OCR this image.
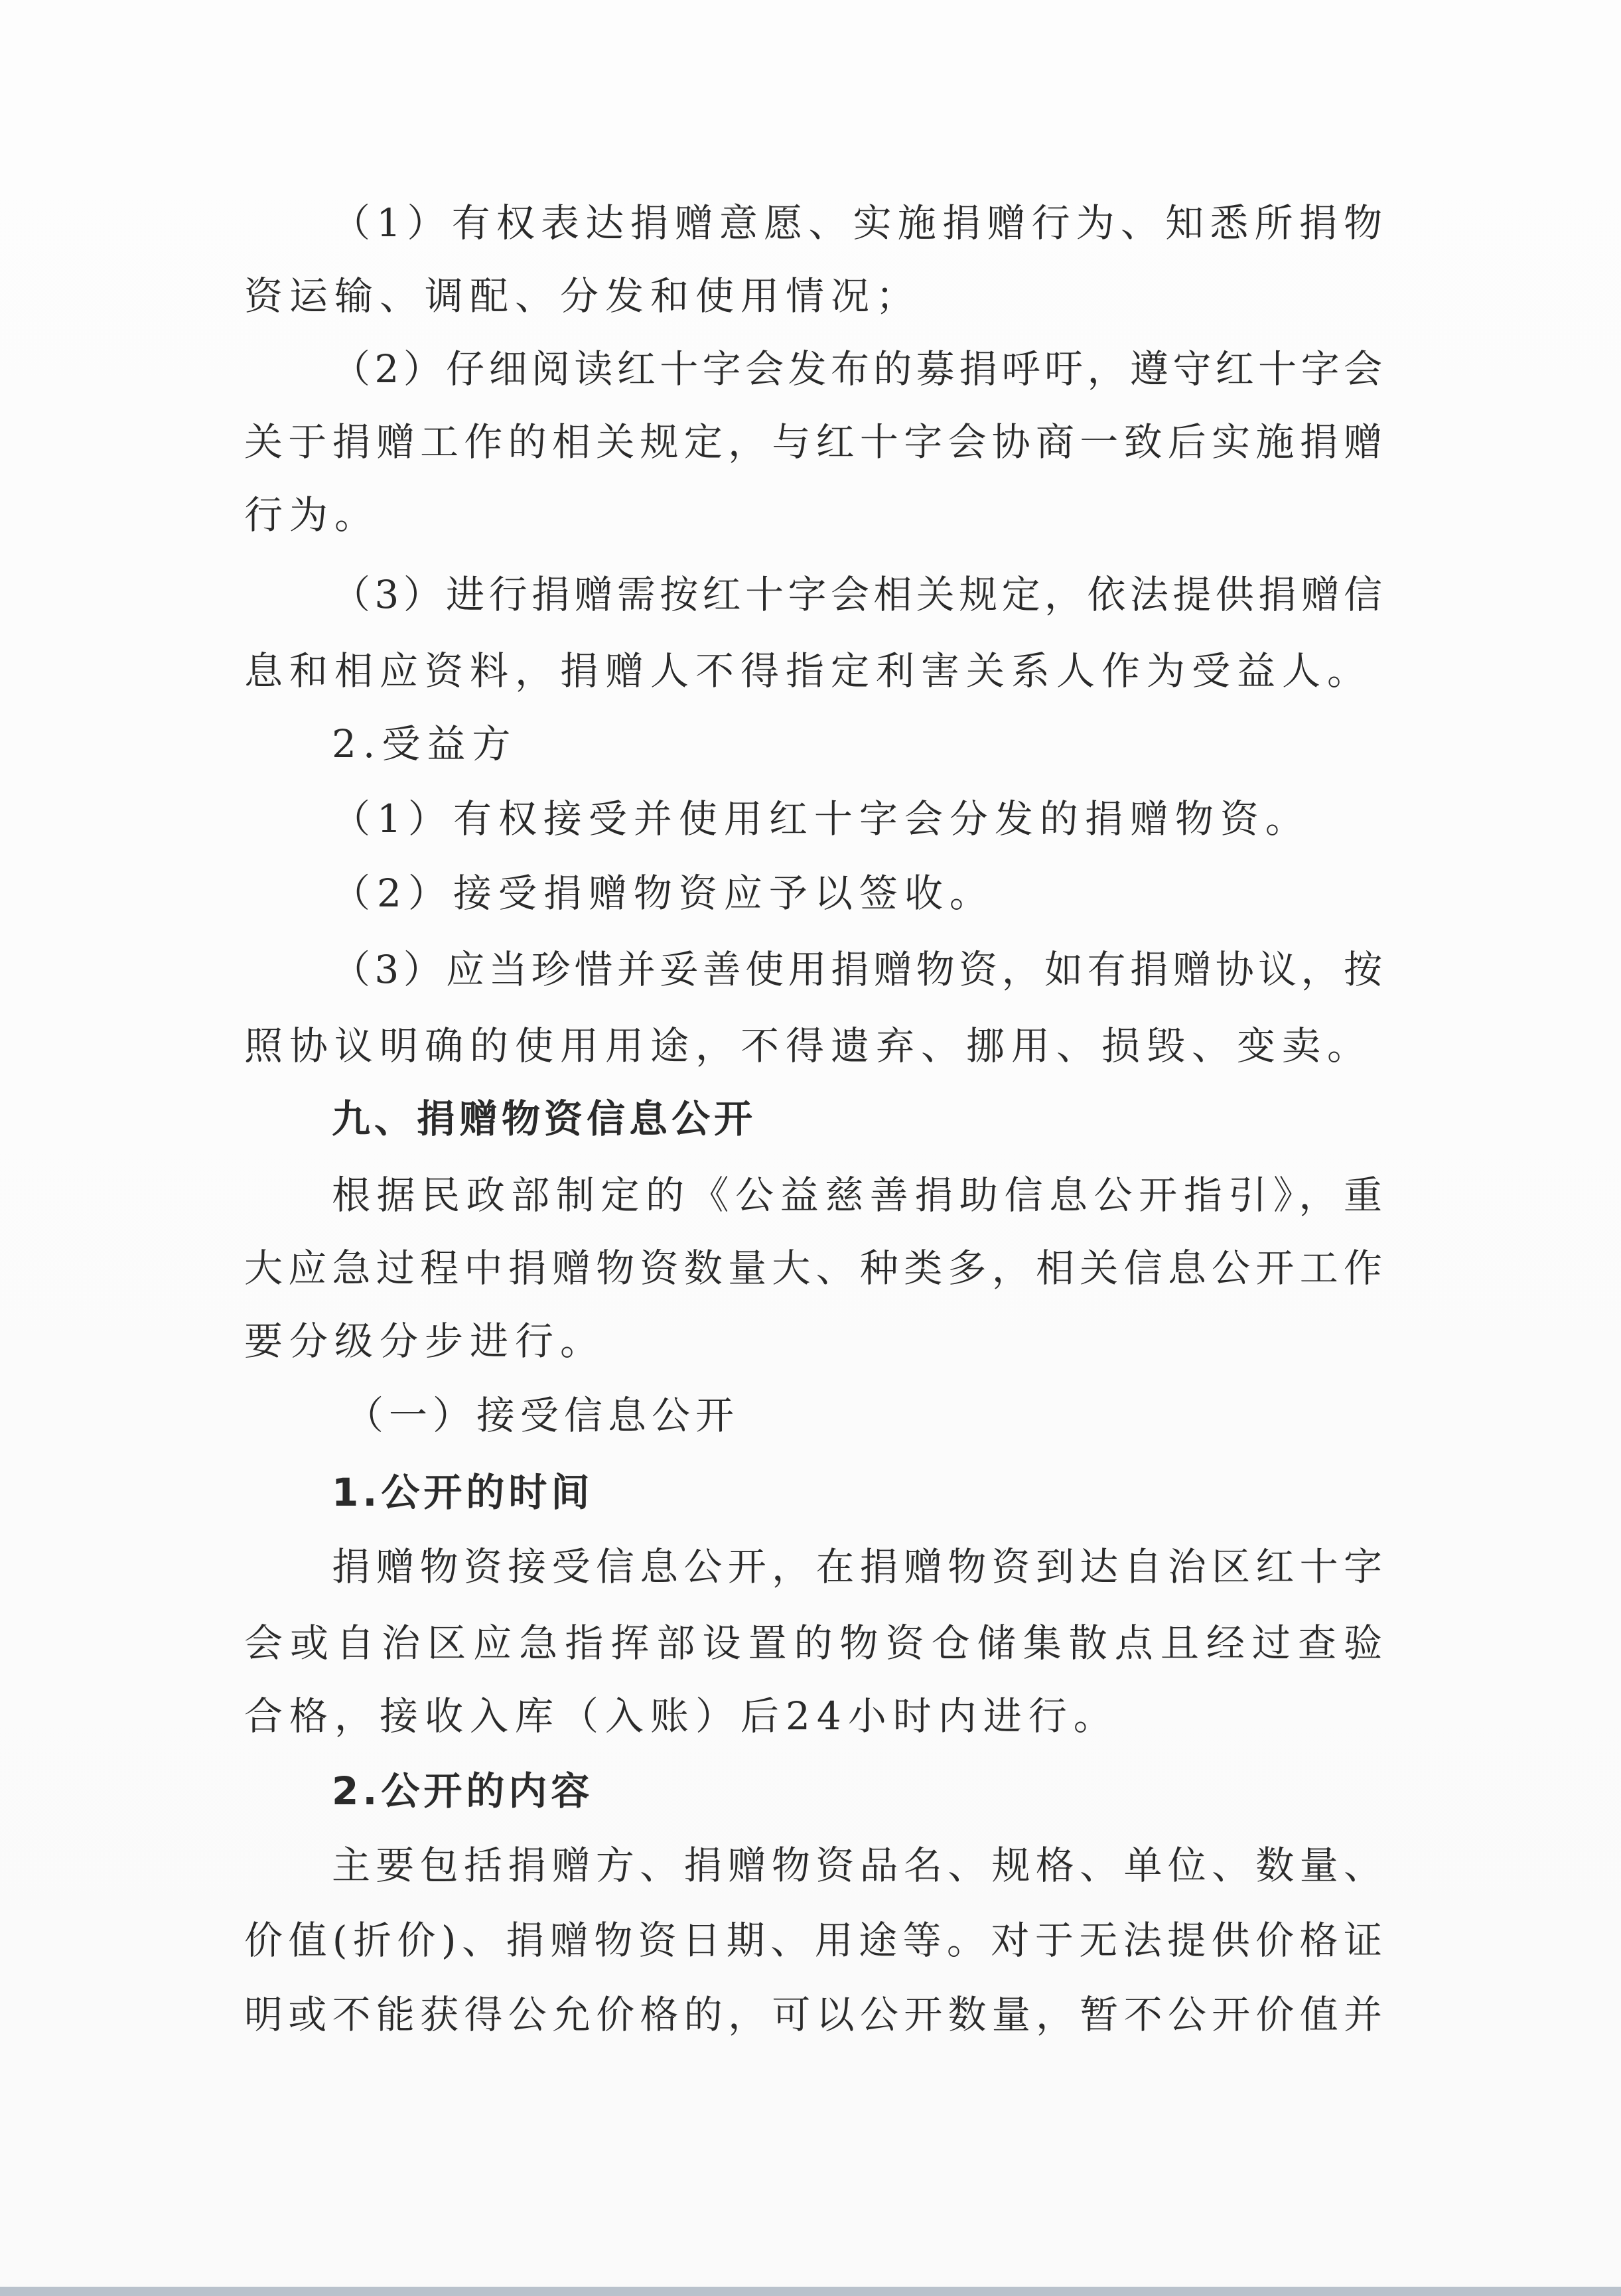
（1）有权表达捐赠意愿、实施捐赠行为、知悉所捐物
资运输、调配、分发和使用情况；
（2）仔细阅读红十字会发布的募捐呼吁，遵守红十字会
关于捐赠工作的相关规定，与红十字会协商一致后实施捐赠
行为。
（3）进行捐赠需按红十字会相关规定，依法提供捐赠信
息和相应资料，捐赠人不得指定利害关系人作为受益人。
2.受益方
（1）有权接受并使用红十字会分发的捐赠物资。
（2）接受捐赠物资应予以签收。
（3）应当珍惜并妥善使用捐赠物资，如有捐赠协议，按
照协议明确的使用用途，不得遗弃、挪用、损毁、变卖。
九、捐赠物资信息公开
根据民政部制定的《公益慈善捐助信息公开指引》，重
大应急过程中捐赠物资数量大、种类多，相关信息公开工作
要分级分步进行。
（一）接受信息公开
1.公开的时间
捐赠物资接受信息公开，在捐赠物资到达自治区红十字
会或自治区应急指挥部设置的物资仓储集散点且经过查验
合格，接收入库（入账）后24小时内进行。
2.公开的内容
主要包括捐赠方、捐赠物资品名、规格、单位、数量、
价值(折价)、捐赠物资日期、用途等。对于无法提供价格证
明或不能获得公允价格的，可以公开数量，暂不公开价值并
